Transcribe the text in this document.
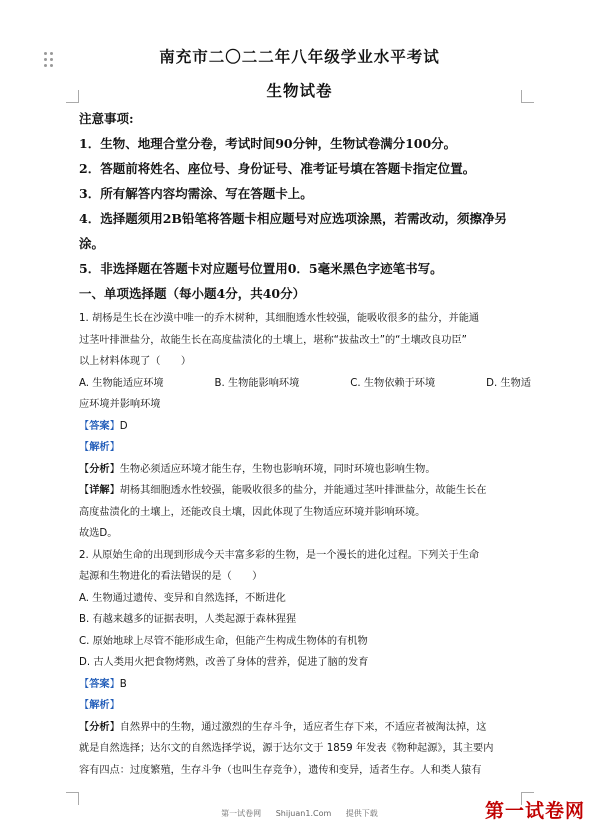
南充市二〇二二年八年级学业水平考试
生物试卷
注意事项:
1．生物、地理合堂分卷，考试时间90分钟，生物试卷满分100分。
2．答题前将姓名、座位号、身份证号、准考证号填在答题卡指定位置。
3．所有解答内容均需涂、写在答题卡上。
4．选择题须用2B铅笔将答题卡相应题号对应选项涂黑，若需改动，须擦净另
涂。
5．非选择题在答题卡对应题号位置用0．5毫米黑色字迹笔书写。
一、单项选择题（每小题4分，共40分）
1. 胡杨是生长在沙漠中唯一的乔木树种，其细胞透水性较强，能吸收很多的盐分，并能通
过茎叶排泄盐分，故能生长在高度盐渍化的土壤上，堪称“拔盐改土”的“土壤改良功臣”
以上材料体现了（　　）
A. 生物能适应环境	B. 生物能影响环境	C. 生物依赖于环境	D. 生物适
应环境并影响环境
【答案】D
【解析】
【分析】生物必须适应环境才能生存，生物也影响环境，同时环境也影响生物。
【详解】胡杨其细胞透水性较强，能吸收很多的盐分，并能通过茎叶排泄盐分，故能生长在
高度盐渍化的土壤上，还能改良土壤，因此体现了生物适应环境并影响环境。
故选D。
2. 从原始生命的出现到形成今天丰富多彩的生物，是一个漫长的进化过程。下列关于生命
起源和生物进化的看法错误的是（　　）
A. 生物通过遗传、变异和自然选择，不断进化
B. 有越来越多的证据表明，人类起源于森林猩猩
C. 原始地球上尽管不能形成生命，但能产生构成生物体的有机物
D. 古人类用火把食物烤熟，改善了身体的营养，促进了脑的发育
【答案】B
【解析】
【分析】自然界中的生物，通过激烈的生存斗争，适应者生存下来，不适应者被淘汰掉，这
就是自然选择；达尔文的自然选择学说，源于达尔文于 1859 年发表《物种起源》，其主要内
容有四点：过度繁殖，生存斗争（也叫生存竞争），遗传和变异，适者生存。人和类人猿有
第一试卷网 Shijuan1.Com 提供下载	第一试卷网
